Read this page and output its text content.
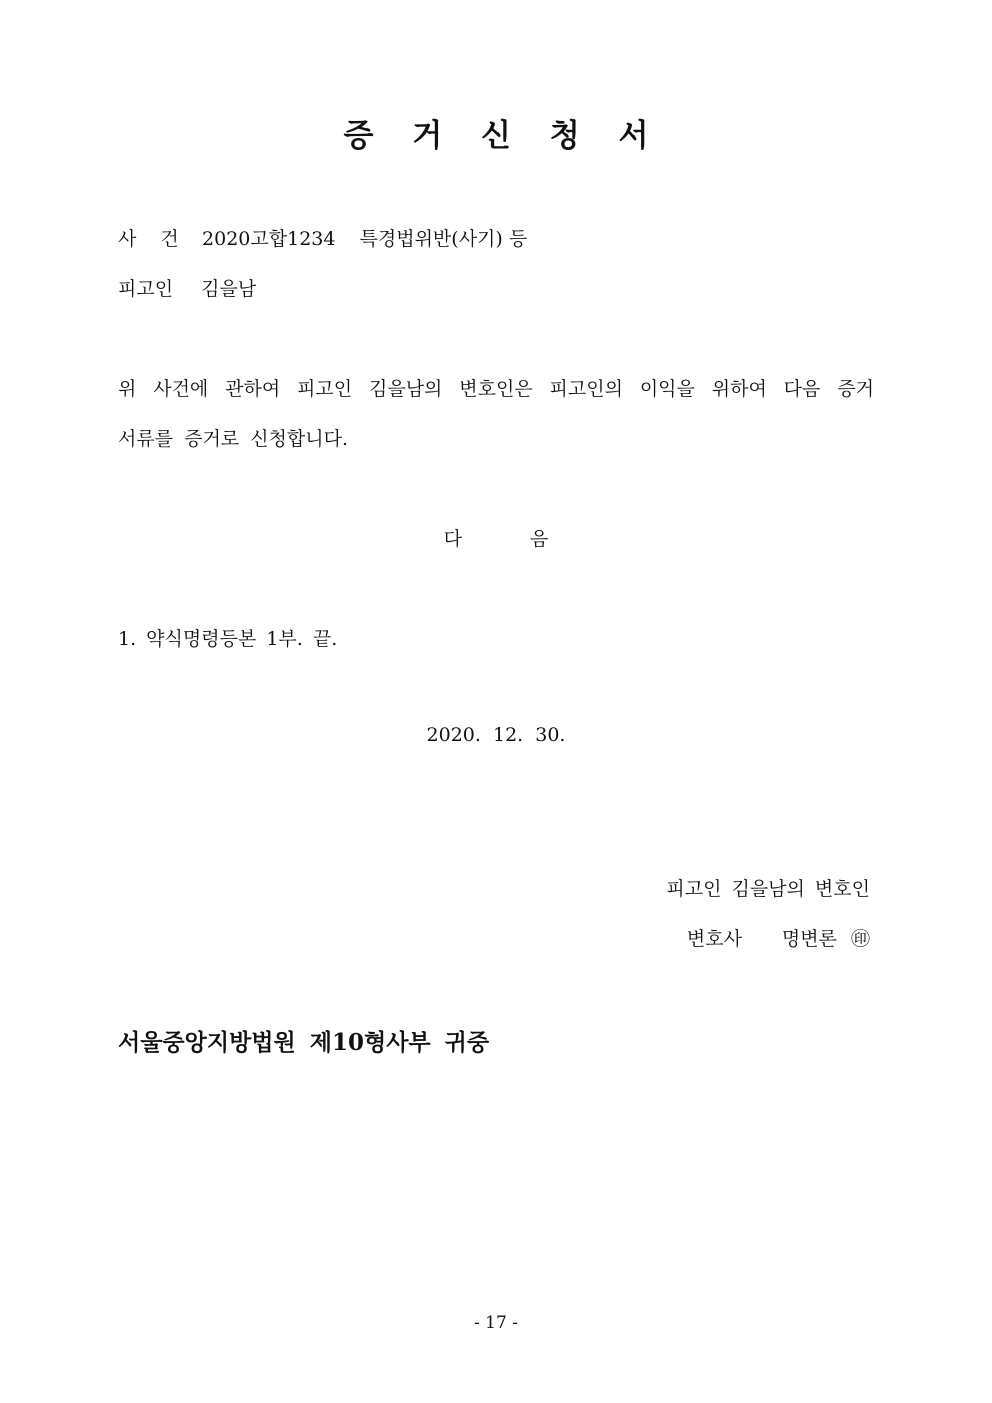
증 거 신 청 서
사 건 2020고합1234 특경법위반(사기) 등
피고인 김을남
위 사건에 관하여 피고인 김을남의 변호인은 피고인의 이익을 위하여 다음 증거
서류를 증거로 신청합니다.
다	음
1. 약식명령등본 1부. 끝.
2020. 12. 30.
피고인 김을남의 변호인
변호사 명변론 ㊞
서울중앙지방법원 제10형사부 귀중
- 17 -
